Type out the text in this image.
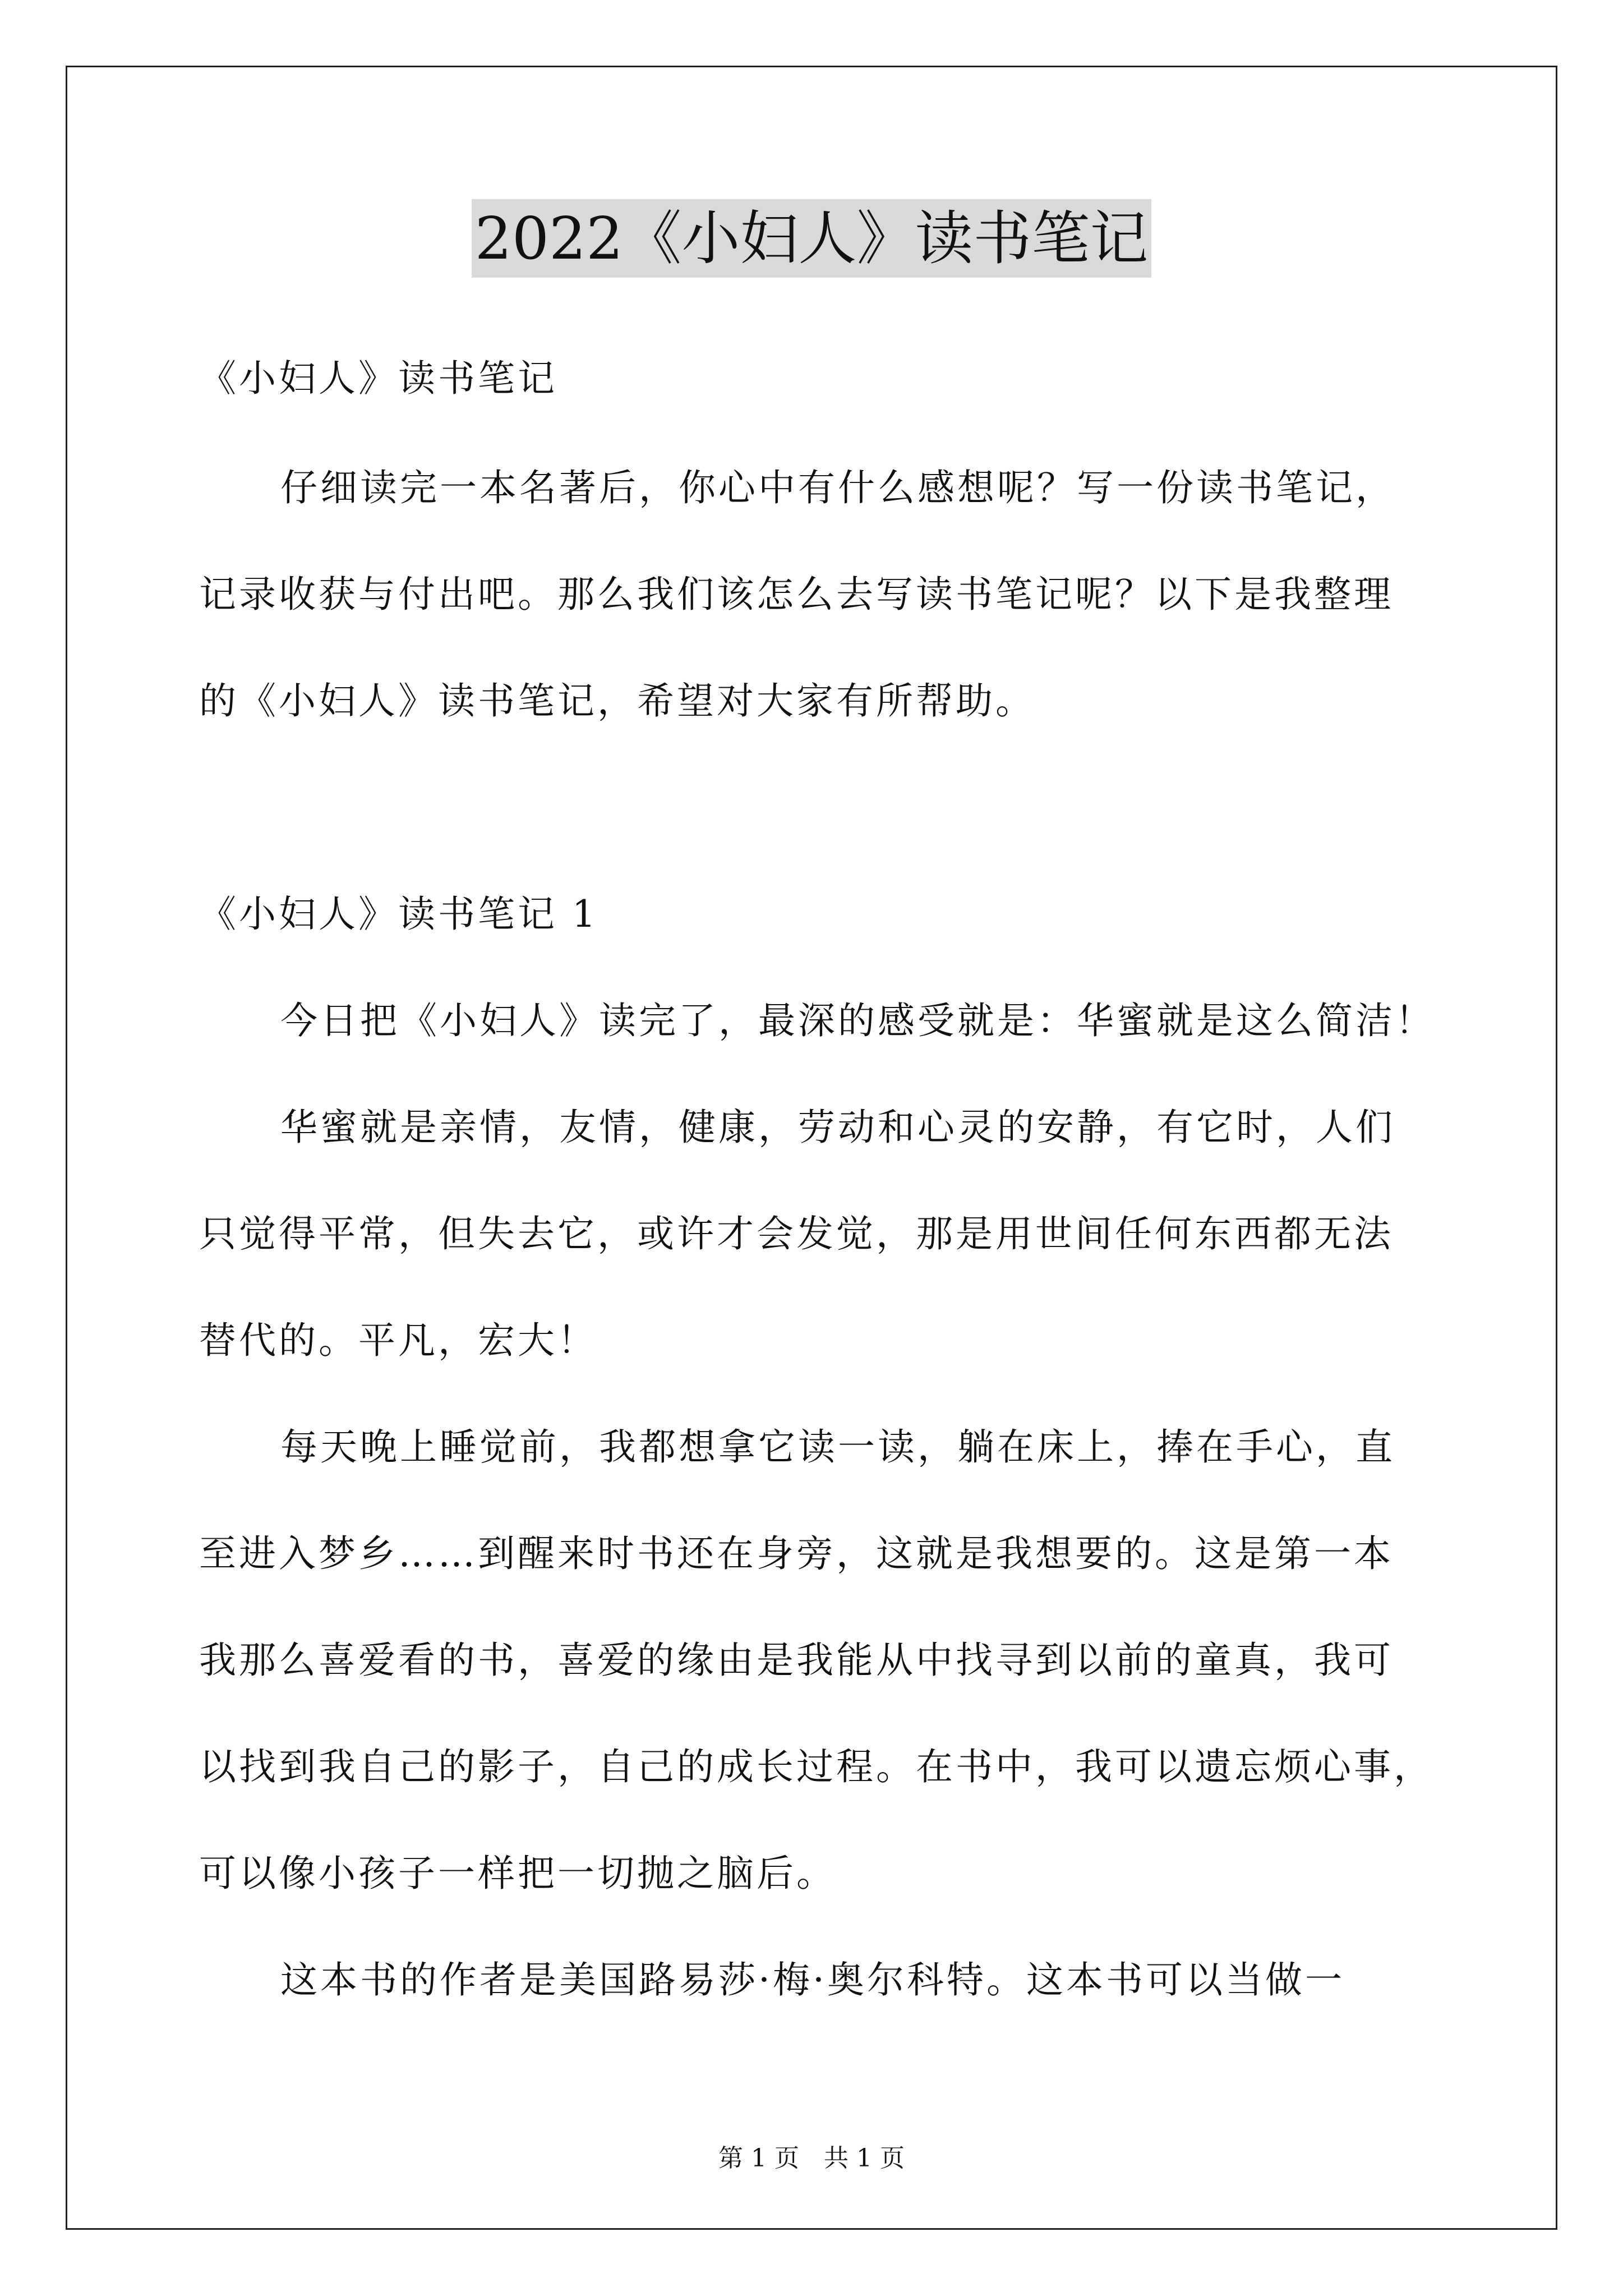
2022《小妇人》读书笔记
《小妇人》读书笔记
仔细读完一本名著后，你心中有什么感想呢？写一份读书笔记，
记录收获与付出吧。那么我们该怎么去写读书笔记呢？以下是我整理
的《小妇人》读书笔记，希望对大家有所帮助。
《小妇人》读书笔记 1
今日把《小妇人》读完了，最深的感受就是：华蜜就是这么简洁！
华蜜就是亲情，友情，健康，劳动和心灵的安静，有它时，人们
只觉得平常，但失去它，或许才会发觉，那是用世间任何东西都无法
替代的。平凡，宏大！
每天晚上睡觉前，我都想拿它读一读，躺在床上，捧在手心，直
至进入梦乡……到醒来时书还在身旁，这就是我想要的。这是第一本
我那么喜爱看的书，喜爱的缘由是我能从中找寻到以前的童真，我可
以找到我自己的影子，自己的成长过程。在书中，我可以遗忘烦心事，
可以像小孩子一样把一切抛之脑后。
这本书的作者是美国路易莎·梅·奥尔科特。这本书可以当做一
第 1 页　共 1 页
